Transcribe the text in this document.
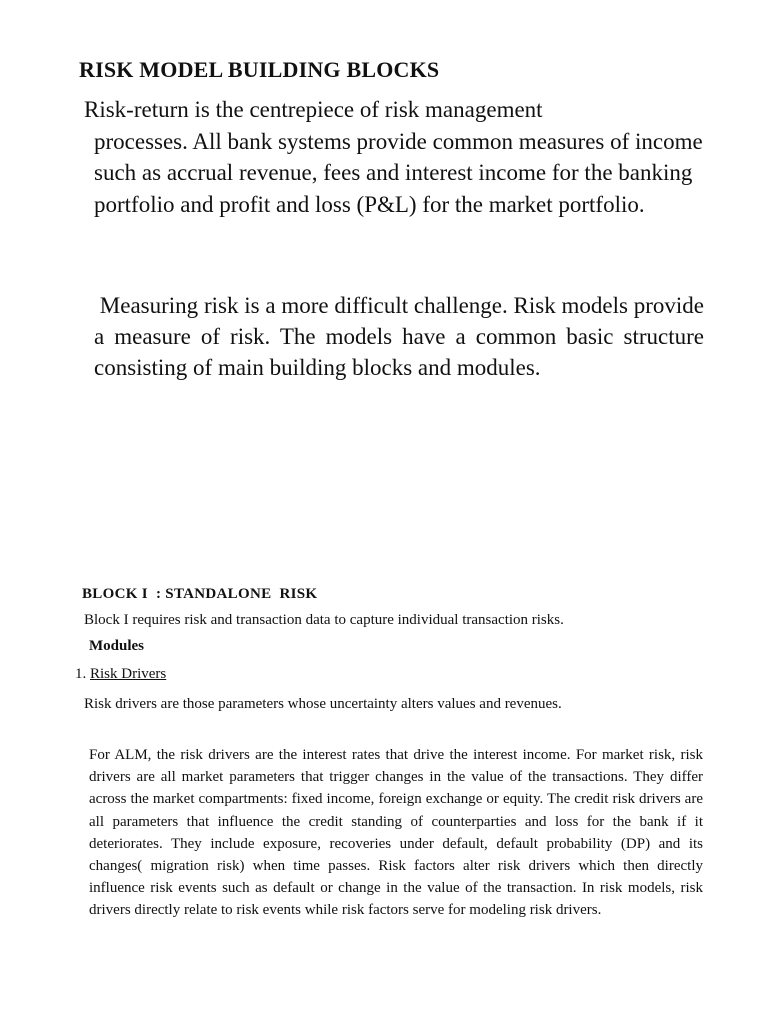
RISK MODEL BUILDING BLOCKS

Risk-return is the centrepiece of risk management
processes. All bank systems provide common measures of income such as accrual revenue, fees and interest income for the banking portfolio and profit and loss (P&L) for the market portfolio.

Measuring risk is a more difficult challenge. Risk models provide a measure of risk. The models have a common basic structure consisting of main building blocks and modules.

BLOCK I  : STANDALONE  RISK

Block I requires risk and transaction data to capture individual transaction risks.

Modules

1. Risk Drivers

Risk drivers are those parameters whose uncertainty alters values and revenues.

For ALM, the risk drivers are the interest rates that drive the interest income. For market risk, risk drivers are all market parameters that trigger changes in the value of the transactions. They differ across the market compartments: fixed income, foreign exchange or equity. The credit risk drivers are all parameters that influence the credit standing of counterparties and loss for the bank if it deteriorates. They include exposure, recoveries under default, default probability (DP) and its changes( migration risk) when time passes. Risk factors alter risk drivers which then directly influence risk events such as default or change in the value of the transaction. In risk models, risk drivers directly relate to risk events while risk factors serve for modeling risk drivers.
